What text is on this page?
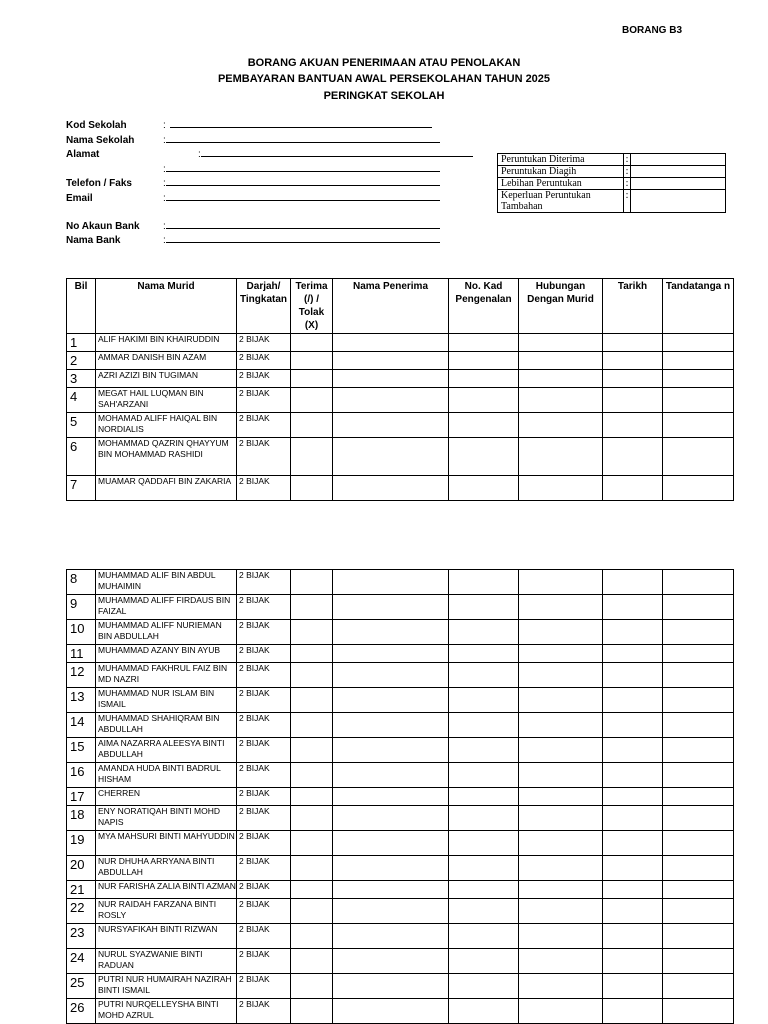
BORANG B3
BORANG AKUAN PENERIMAAN ATAU PENOLAKAN
PEMBAYARAN BANTUAN AWAL PERSEKOLAHAN TAHUN 2025
PERINGKAT SEKOLAH
Kod Sekolah	:
Nama Sekolah	:
Alamat	:
:
Telefon / Faks	:
Email	:
No Akaun Bank :
Nama Bank	:
Peruntukan Diterima	:	
Peruntukan Diagih	:	
Lebihan Peruntukan	:	
Keperluan Peruntukan Tambahan	:	
Bil	Nama Murid	Darjah/ Tingkatan	Terima (/) / Tolak (X)	Nama Penerima	No. Kad Pengenalan	Hubungan Dengan Murid	Tarikh	Tandatanga n
1	ALIF HAKIMI BIN KHAIRUDDIN	2 BIJAK						
2	AMMAR DANISH BIN AZAM	2 BIJAK						
3	AZRI AZIZI BIN TUGIMAN	2 BIJAK						
4	MEGAT HAIL LUQMAN BIN SAH'ARZANI	2 BIJAK						
5	MOHAMAD ALIFF HAIQAL BIN NORDIALIS	2 BIJAK						
6	MOHAMMAD QAZRIN QHAYYUM BIN MOHAMMAD RASHIDI	2 BIJAK						
7	MUAMAR QADDAFI BIN ZAKARIA	2 BIJAK						
8	MUHAMMAD ALIF BIN ABDUL MUHAIMIN	2 BIJAK						
9	MUHAMMAD ALIFF FIRDAUS BIN FAIZAL	2 BIJAK						
10	MUHAMMAD ALIFF NURIEMAN BIN ABDULLAH	2 BIJAK						
11	MUHAMMAD AZANY BIN AYUB	2 BIJAK						
12	MUHAMMAD FAKHRUL FAIZ BIN MD NAZRI	2 BIJAK						
13	MUHAMMAD NUR ISLAM BIN ISMAIL	2 BIJAK						
14	MUHAMMAD SHAHIQRAM BIN ABDULLAH	2 BIJAK						
15	AIMA NAZARRA ALEESYA BINTI ABDULLAH	2 BIJAK						
16	AMANDA HUDA BINTI BADRUL HISHAM	2 BIJAK						
17	CHERREN	2 BIJAK						
18	ENY NORATIQAH BINTI MOHD NAPIS	2 BIJAK						
19	MYA MAHSURI BINTI MAHYUDDIN	2 BIJAK						
20	NUR DHUHA ARRYANA BINTI ABDULLAH	2 BIJAK						
21	NUR FARISHA ZALIA BINTI AZMAN	2 BIJAK						
22	NUR RAIDAH FARZANA BINTI ROSLY	2 BIJAK						
23	NURSYAFIKAH BINTI RIZWAN	2 BIJAK						
24	NURUL SYAZWANIE BINTI RADUAN	2 BIJAK						
25	PUTRI NUR HUMAIRAH NAZIRAH BINTI ISMAIL	2 BIJAK						
26	PUTRI NURQELLEYSHA BINTI MOHD AZRUL	2 BIJAK						
